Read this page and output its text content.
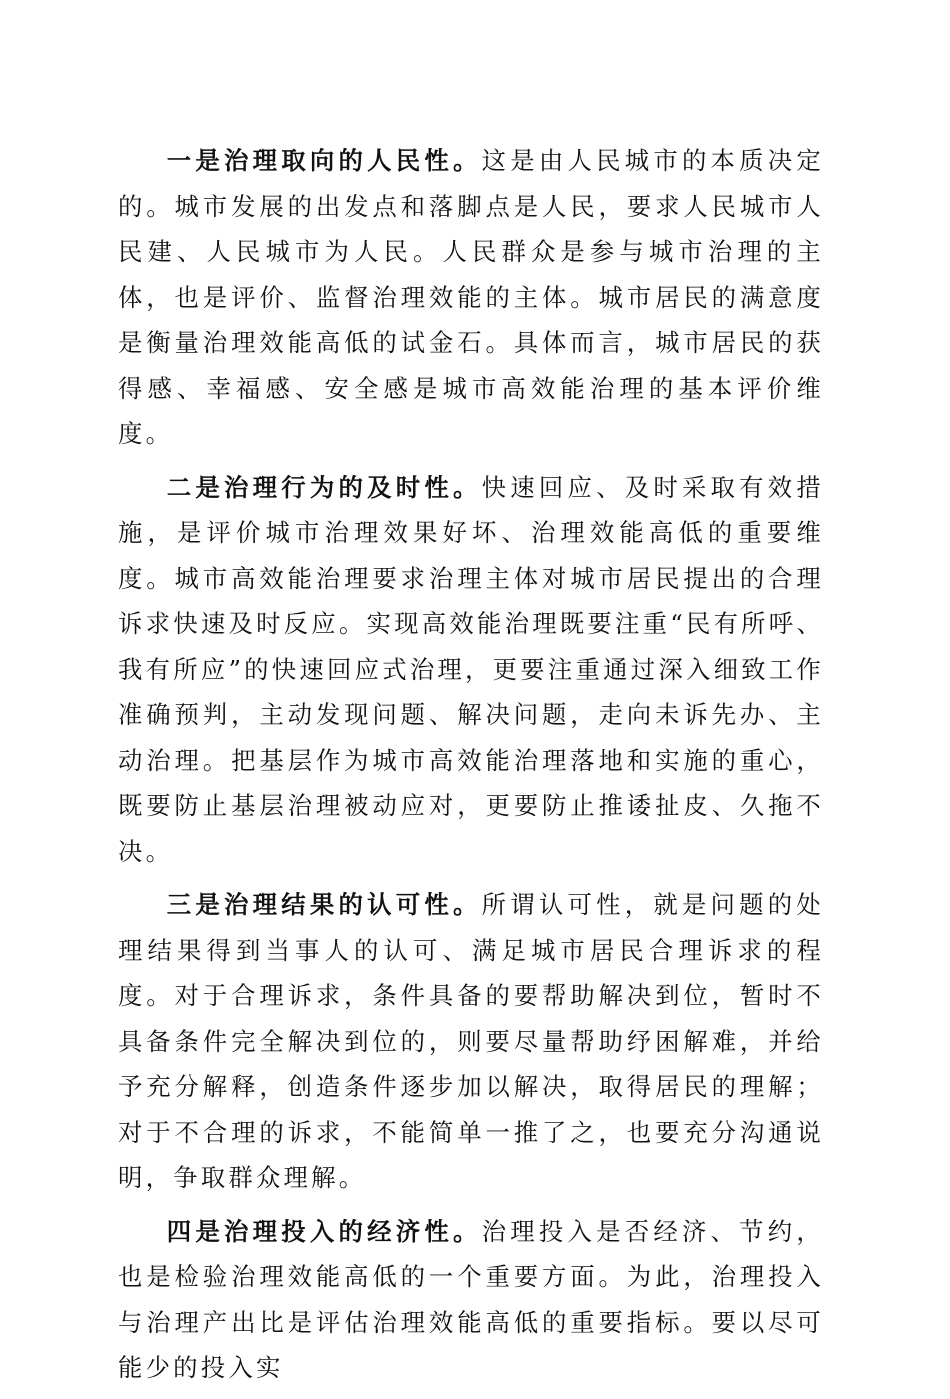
一是治理取向的人民性。这是由人民城市的本质决定的。城市发展的出发点和落脚点是人民，要求人民城市人民建、人民城市为人民。人民群众是参与城市治理的主体，也是评价、监督治理效能的主体。城市居民的满意度是衡量治理效能高低的试金石。具体而言，城市居民的获得感、幸福感、安全感是城市高效能治理的基本评价维度。

二是治理行为的及时性。快速回应、及时采取有效措施，是评价城市治理效果好坏、治理效能高低的重要维度。城市高效能治理要求治理主体对城市居民提出的合理诉求快速及时反应。实现高效能治理既要注重“民有所呼、我有所应”的快速回应式治理，更要注重通过深入细致工作准确预判，主动发现问题、解决问题，走向未诉先办、主动治理。把基层作为城市高效能治理落地和实施的重心，既要防止基层治理被动应对，更要防止推诿扯皮、久拖不决。

三是治理结果的认可性。所谓认可性，就是问题的处理结果得到当事人的认可、满足城市居民合理诉求的程度。对于合理诉求，条件具备的要帮助解决到位，暂时不具备条件完全解决到位的，则要尽量帮助纾困解难，并给予充分解释，创造条件逐步加以解决，取得居民的理解；对于不合理的诉求，不能简单一推了之，也要充分沟通说明，争取群众理解。

四是治理投入的经济性。治理投入是否经济、节约，也是检验治理效能高低的一个重要方面。为此，治理投入与治理产出比是评估治理效能高低的重要指标。要以尽可能少的投入实
